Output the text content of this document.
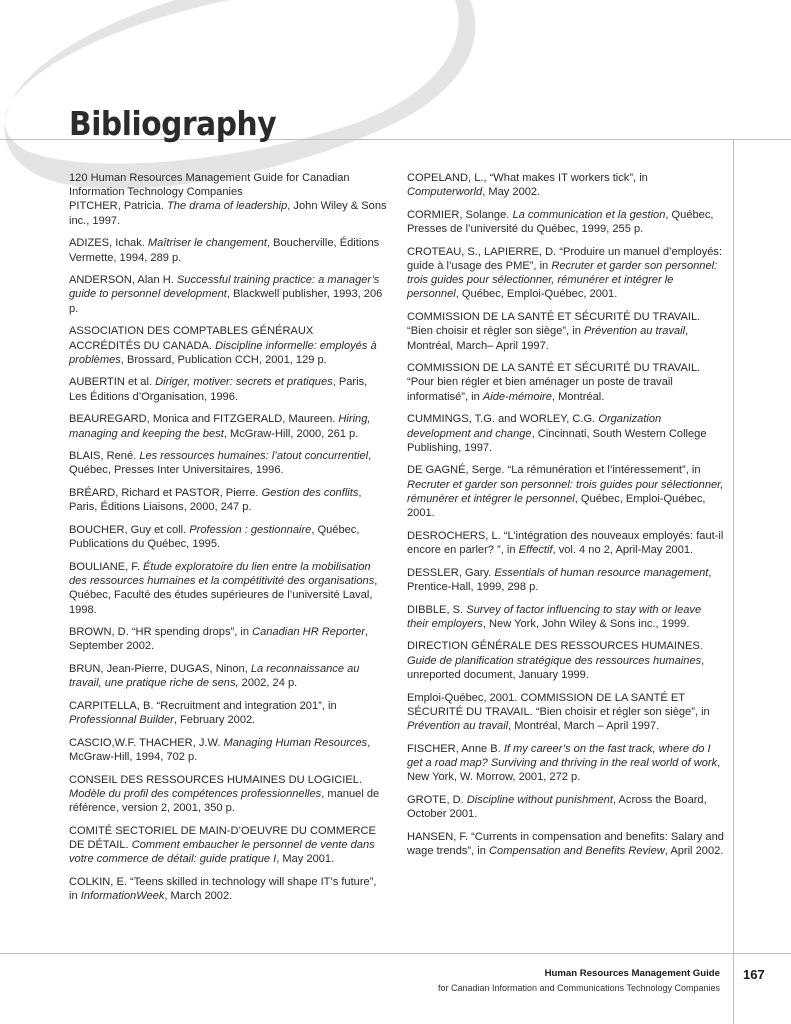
Bibliography

120 Human Resources Management Guide for Canadian Information Technology Companies

PITCHER, Patricia. The drama of leadership, John Wiley & Sons inc., 1997.

ADIZES, Ichak. Maîtriser le changement, Boucherville, Éditions Vermette, 1994, 289 p.

ANDERSON, Alan H. Successful training practice: a manager’s guide to personnel development, Blackwell publisher, 1993, 206 p.

ASSOCIATION DES COMPTABLES GÉNÉRAUX ACCRÉDITÉS DU CANADA. Discipline informelle: employés à problèmes, Brossard, Publication CCH, 2001, 129 p.

AUBERTIN et al. Diriger, motiver: secrets et pratiques, Paris, Les Éditions d’Organisation, 1996.

BEAUREGARD, Monica and FITZGERALD, Maureen. Hiring, managing and keeping the best, McGraw-Hill, 2000, 261 p.

BLAIS, René. Les ressources humaines: l’atout concurrentiel, Québec, Presses Inter Universitaires, 1996.

BRÉARD, Richard et PASTOR, Pierre. Gestion des conflits, Paris, Éditions Liaisons, 2000, 247 p.

BOUCHER, Guy et coll. Profession : gestionnaire, Québec, Publications du Québec, 1995.

BOULIANE, F. Étude exploratoire du lien entre la mobilisation des ressources humaines et la compétitivité des organisations, Québec, Faculté des études supérieures de l’université Laval, 1998.

BROWN, D. “HR spending drops”, in Canadian HR Reporter, September 2002.

BRUN, Jean-Pierre, DUGAS, Ninon, La reconnaissance au travail, une pratique riche de sens, 2002, 24 p.

CARPITELLA, B. “Recruitment and integration 201”, in Professionnal Builder, February 2002.

CASCIO,W.F. THACHER, J.W. Managing Human Resources, McGraw-Hill, 1994, 702 p.

CONSEIL DES RESSOURCES HUMAINES DU LOGICIEL. Modèle du profil des compétences professionnelles, manuel de référence, version 2, 2001, 350 p.

COMITÉ SECTORIEL DE MAIN-D’OEUVRE DU COMMERCE DE DÉTAIL. Comment embaucher le personnel de vente dans votre commerce de détail: guide pratique I, May 2001.

COLKIN, E. “Teens skilled in technology will shape IT’s future”, in InformationWeek, March 2002.

COPELAND, L., “What makes IT workers tick”, in Computerworld, May 2002.

CORMIER, Solange. La communication et la gestion, Québec, Presses de l’université du Québec, 1999, 255 p.

CROTEAU, S., LAPIERRE, D. “Produire un manuel d’employés: guide à l’usage des PME”, in Recruter et garder son personnel: trois guides pour sélectionner, rémunérer et intégrer le personnel, Québec, Emploi-Québec, 2001.

COMMISSION DE LA SANTÉ ET SÉCURITÉ DU TRAVAIL. “Bien choisir et régler son siège”, in Prévention au travail, Montréal, March– April 1997.

COMMISSION DE LA SANTÉ ET SÉCURITÉ DU TRAVAIL. “Pour bien régler et bien aménager un poste de travail informatisé”, in Aide-mémoire, Montréal.

CUMMINGS, T.G. and WORLEY, C.G. Organization development and change, Cincinnati, South Western College Publishing, 1997.

DE GAGNÉ, Serge. “La rémunération et l’intéressement”, in Recruter et garder son personnel: trois guides pour sélectionner, rémunérer et intégrer le personnel, Québec, Emploi-Québec, 2001.

DESROCHERS, L. “L’intégration des nouveaux employés: faut-il encore en parler? ”, in Effectif, vol. 4 no 2, April-May 2001.

DESSLER, Gary. Essentials of human resource management, Prentice-Hall, 1999, 298 p.

DIBBLE, S. Survey of factor influencing to stay with or leave their employers, New York, John Wiley & Sons inc., 1999.

DIRECTION GÉNÉRALE DES RESSOURCES HUMAINES. Guide de planification stratégique des ressources humaines, unreported document, January 1999.

Emploi-Québec, 2001. COMMISSION DE LA SANTÉ ET SÉCURITÉ DU TRAVAIL. “Bien choisir et régler son siège”, in Prévention au travail, Montréal, March – April 1997.

FISCHER, Anne B. If my career’s on the fast track, where do I get a road map? Surviving and thriving in the real world of work, New York, W. Morrow, 2001, 272 p.

GROTE, D. Discipline without punishment, Across the Board, October 2001.

HANSEN, F. “Currents in compensation and benefits: Salary and wage trends”, in Compensation and Benefits Review, April 2002.

Human Resources Management Guide
for Canadian Information and Communications Technology Companies
167
